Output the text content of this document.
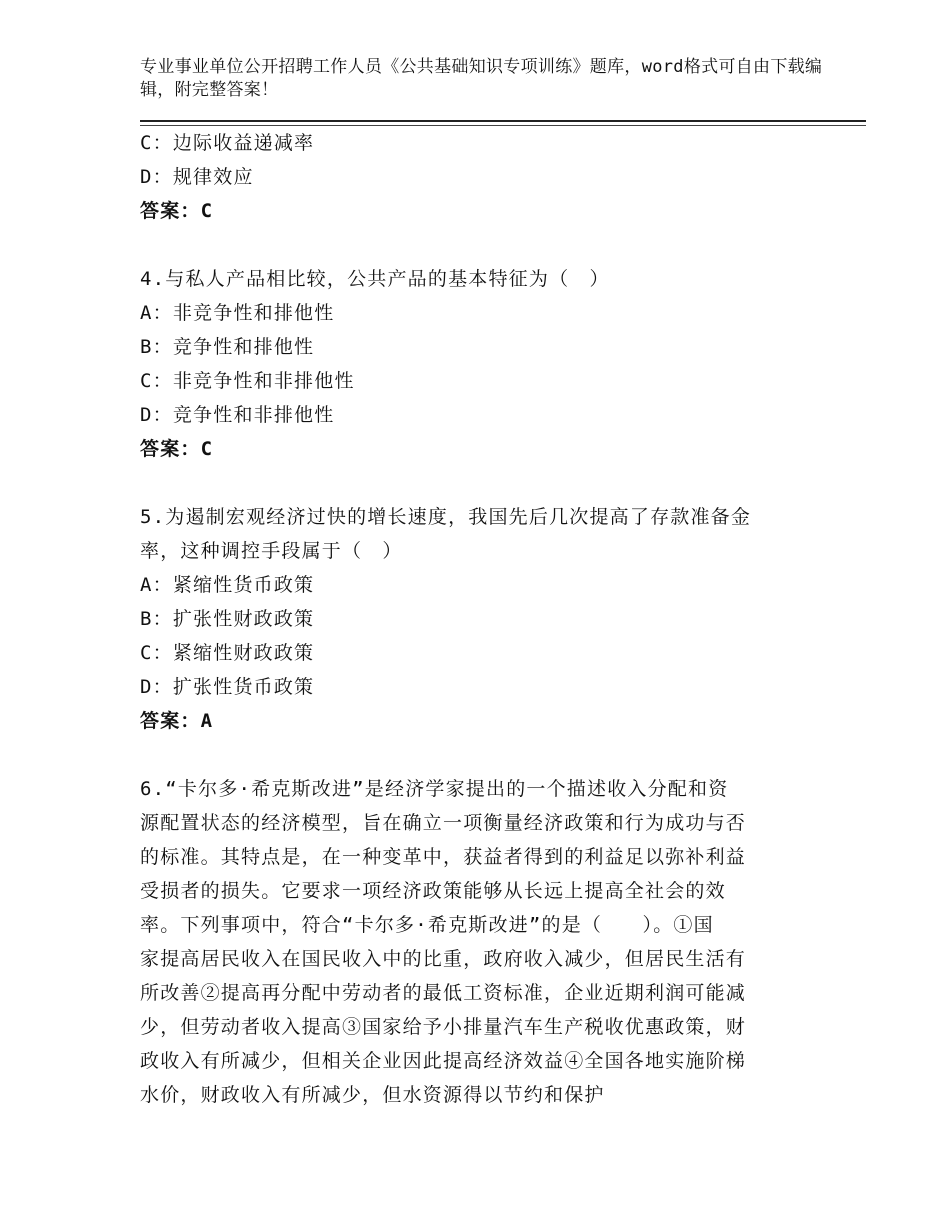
专业事业单位公开招聘工作人员《公共基础知识专项训练》题库，word格式可自由下载编辑，附完整答案！
C：边际收益递减率
D：规律效应
答案：C
4.与私人产品相比较，公共产品的基本特征为（　）
A：非竞争性和排他性
B：竞争性和排他性
C：非竞争性和非排他性
D：竞争性和非排他性
答案：C
5.为遏制宏观经济过快的增长速度，我国先后几次提高了存款准备金
率，这种调控手段属于（　）
A：紧缩性货币政策
B：扩张性财政政策
C：紧缩性财政政策
D：扩张性货币政策
答案：A
6.“卡尔多·希克斯改进”是经济学家提出的一个描述收入分配和资
源配置状态的经济模型，旨在确立一项衡量经济政策和行为成功与否
的标准。其特点是，在一种变革中，获益者得到的利益足以弥补利益
受损者的损失。它要求一项经济政策能够从长远上提高全社会的效
率。下列事项中，符合“卡尔多·希克斯改进”的是（　　）。①国
家提高居民收入在国民收入中的比重，政府收入减少，但居民生活有
所改善②提高再分配中劳动者的最低工资标准，企业近期利润可能减
少，但劳动者收入提高③国家给予小排量汽车生产税收优惠政策，财
政收入有所减少，但相关企业因此提高经济效益④全国各地实施阶梯
水价，财政收入有所减少，但水资源得以节约和保护
